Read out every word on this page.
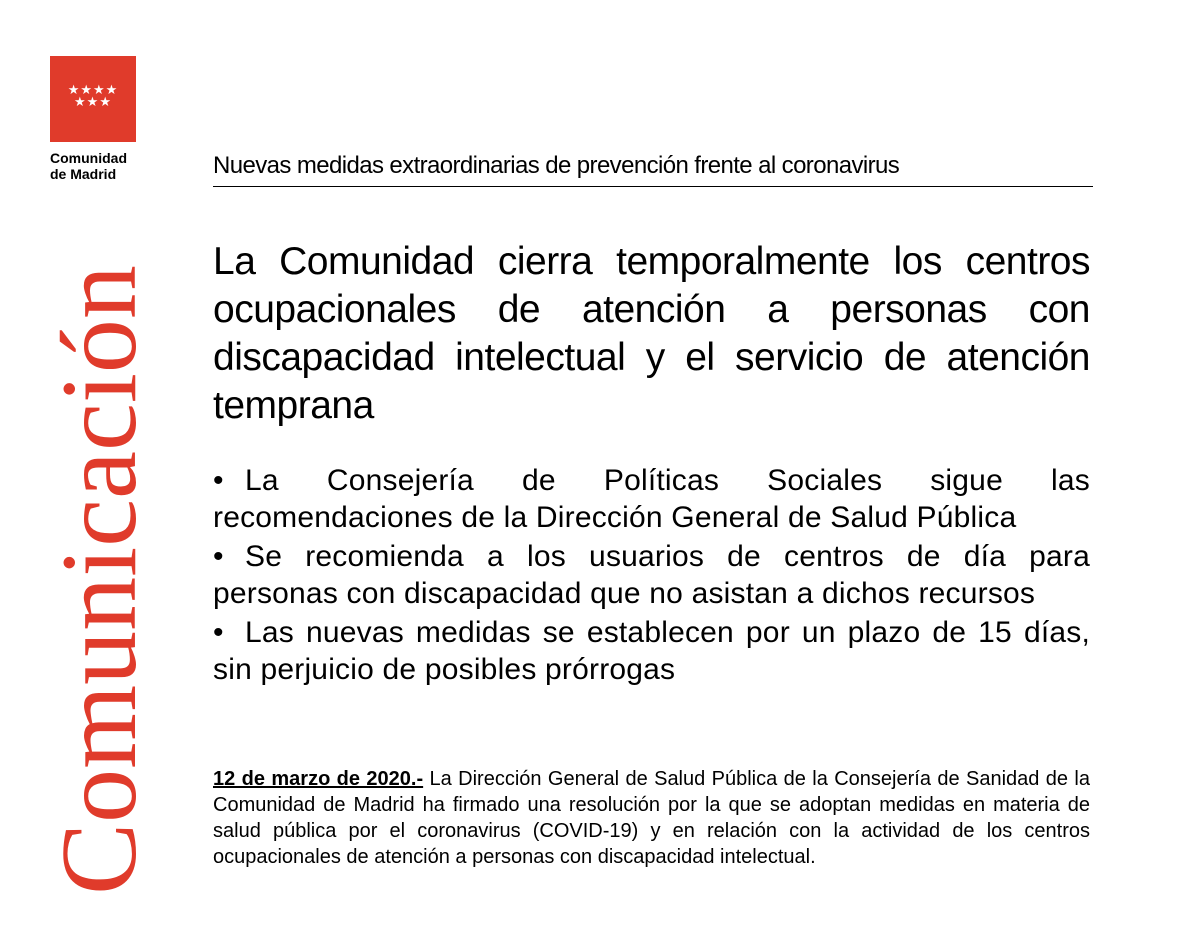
★★★★
★★★
Comunidad
de Madrid
Comunicación
Nuevas medidas extraordinarias de prevención frente al coronavirus
La Comunidad cierra temporalmente los centros ocupacionales de atención a personas con discapacidad intelectual y el servicio de atención temprana
• La Consejería de Políticas Sociales sigue las recomendaciones de la Dirección General de Salud Pública
• Se recomienda a los usuarios de centros de día para personas con discapacidad que no asistan a dichos recursos
• Las nuevas medidas se establecen por un plazo de 15 días, sin perjuicio de posibles prórrogas

12 de marzo de 2020.- La Dirección General de Salud Pública de la Consejería de Sanidad de la Comunidad de Madrid ha firmado una resolución por la que se adoptan medidas en materia de salud pública por el coronavirus (COVID-19) y en relación con la actividad de los centros ocupacionales de atención a personas con discapacidad intelectual.
